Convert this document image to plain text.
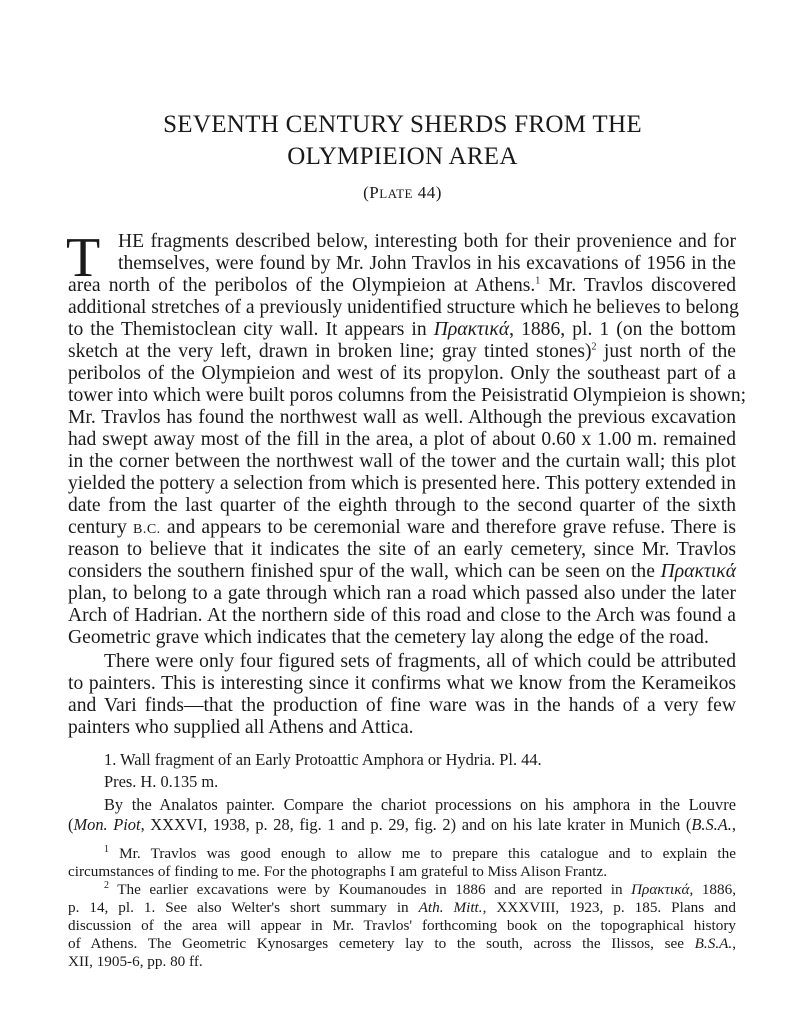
SEVENTH CENTURY SHERDS FROM THE
OLYMPIEION AREA
(PLATE 44)
T HE fragments described below, interesting both for their provenience and for
themselves, were found by Mr. John Travlos in his excavations of 1956 in the
area north of the peribolos of the Olympieion at Athens.$^1$ Mr. Travlos discovered
additional stretches of a previously unidentified structure which he believes to belong
to the Themistoclean city wall. It appears in Πρακτικά, 1886, pl. 1 (on the bottom
sketch at the very left, drawn in broken line; gray tinted stones)$^2$ just north of the
peribolos of the Olympieion and west of its propylon. Only the southeast part of a
tower into which were built poros columns from the Peisistratid Olympieion is shown;
Mr. Travlos has found the northwest wall as well. Although the previous excavation
had swept away most of the fill in the area, a plot of about 0.60 x 1.00 m. remained
in the corner between the northwest wall of the tower and the curtain wall; this plot
yielded the pottery a selection from which is presented here. This pottery extended in
date from the last quarter of the eighth through to the second quarter of the sixth
century B.C. and appears to be ceremonial ware and therefore grave refuse. There is
reason to believe that it indicates the site of an early cemetery, since Mr. Travlos
considers the southern finished spur of the wall, which can be seen on the Πρακτικά
plan, to belong to a gate through which ran a road which passed also under the later
Arch of Hadrian. At the northern side of this road and close to the Arch was found a
Geometric grave which indicates that the cemetery lay along the edge of the road.
There were only four figured sets of fragments, all of which could be attributed
to painters. This is interesting since it confirms what we know from the Kerameikos
and Vari finds—that the production of fine ware was in the hands of a very few
painters who supplied all Athens and Attica.
1. Wall fragment of an Early Protoattic Amphora or Hydria. Pl. 44.
Pres. H. 0.135 m.
By the Analatos painter. Compare the chariot processions on his amphora in the Louvre
(Mon. Piot, XXXVI, 1938, p. 28, fig. 1 and p. 29, fig. 2) and on his late krater in Munich (B.S.A.,
$^1$ Mr. Travlos was good enough to allow me to prepare this catalogue and to explain the
circumstances of finding to me. For the photographs I am grateful to Miss Alison Frantz.
$^2$ The earlier excavations were by Koumanoudes in 1886 and are reported in Πρακτικά, 1886,
p. 14, pl. 1. See also Welter's short summary in Ath. Mitt., XXXVIII, 1923, p. 185. Plans and
discussion of the area will appear in Mr. Travlos' forthcoming book on the topographical history
of Athens. The Geometric Kynosarges cemetery lay to the south, across the Ilissos, see B.S.A.,
XII, 1905-6, pp. 80 ff.
